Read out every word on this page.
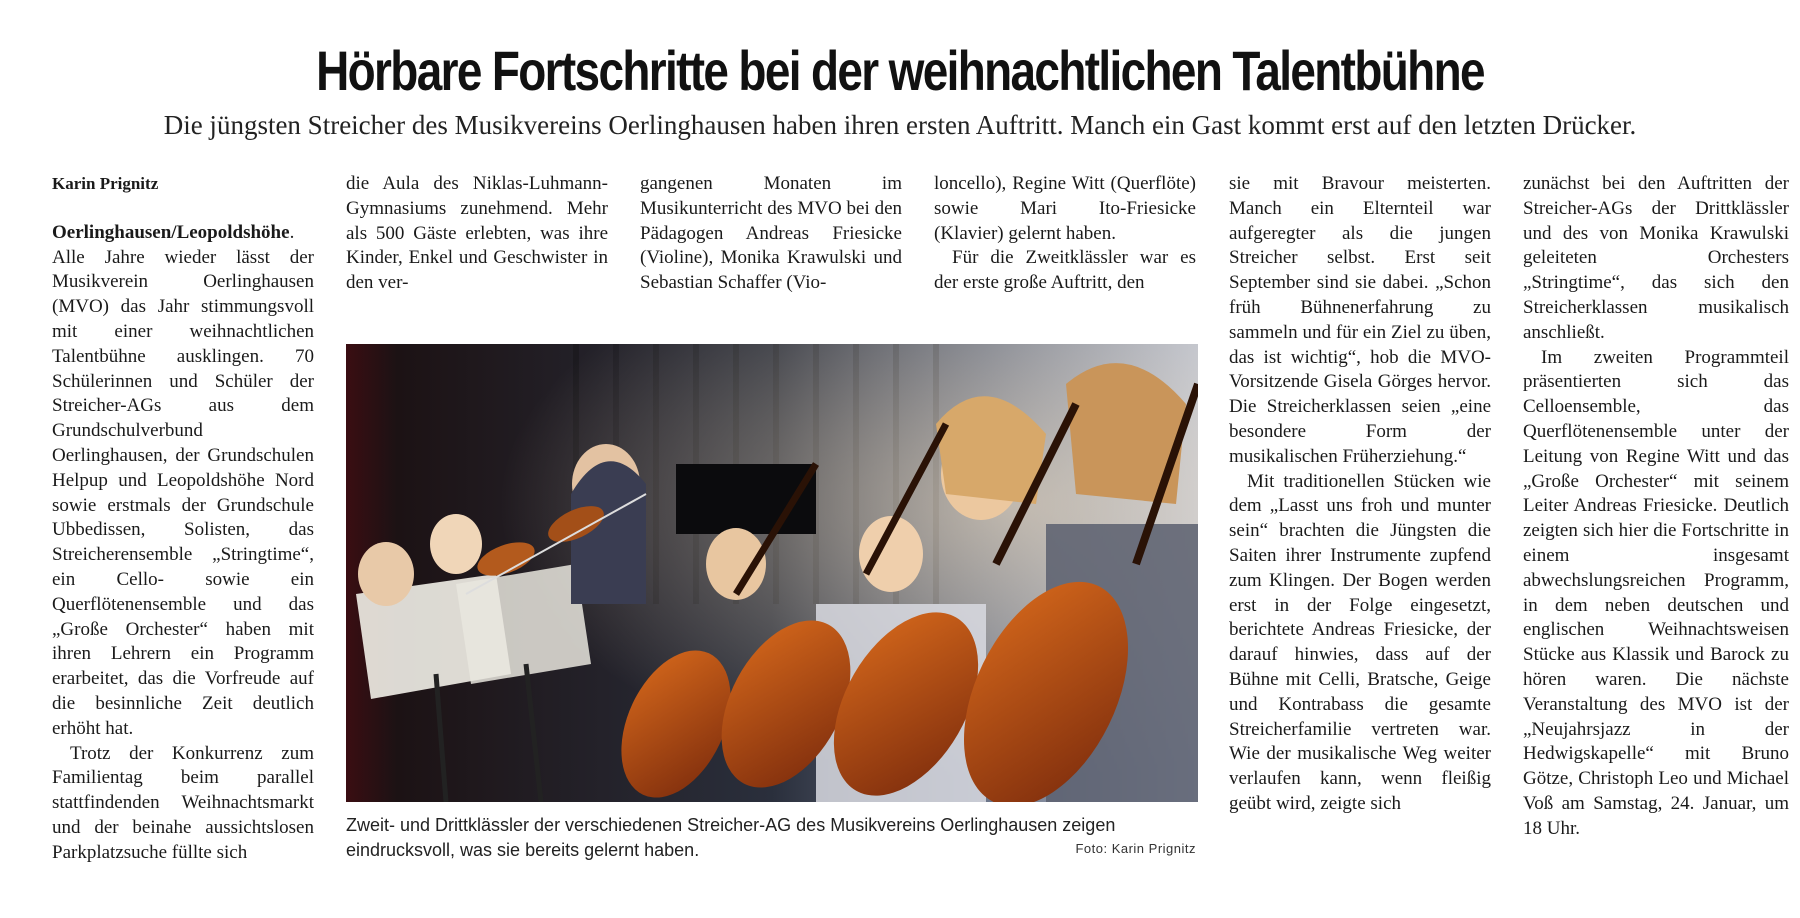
Hörbare Fortschritte bei der weihnachtlichen Talentbühne
Die jüngsten Streicher des Musikvereins Oerlinghausen haben ihren ersten Auftritt. Manch ein Gast kommt erst auf den letzten Drücker.

Karin Prignitz

Oerlinghausen/Leopoldshöhe. Alle Jahre wieder lässt der Musikverein Oerlinghausen (MVO) das Jahr stimmungsvoll mit einer weihnachtlichen Talentbühne ausklingen. 70 Schülerinnen und Schüler der Streicher-AGs aus dem Grundschulverbund Oerlinghausen, der Grundschulen Helpup und Leopoldshöhe Nord sowie erstmals der Grundschule Ubbedissen, Solisten, das Streicherensemble „Stringtime“, ein Cello- sowie ein Querflötenensemble und das „Große Orchester“ haben mit ihren Lehrern ein Programm erarbeitet, das die Vorfreude auf die besinnliche Zeit deutlich erhöht hat.

Trotz der Konkurrenz zum Familientag beim parallel stattfindenden Weihnachtsmarkt und der beinahe aussichtslosen Parkplatzsuche füllte sich

die Aula des Niklas-Luhmann-Gymnasiums zunehmend. Mehr als 500 Gäste erlebten, was ihre Kinder, Enkel und Geschwister in den ver-

gangenen Monaten im Musikunterricht des MVO bei den Pädagogen Andreas Friesicke (Violine), Monika Krawulski und Sebastian Schaffer (Vio-

loncello), Regine Witt (Querflöte) sowie Mari Ito-Friesicke (Klavier) gelernt haben.

Für die Zweitklässler war es der erste große Auftritt, den

sie mit Bravour meisterten. Manch ein Elternteil war aufgeregter als die jungen Streicher selbst. Erst seit September sind sie dabei. „Schon früh Bühnenerfahrung zu sammeln und für ein Ziel zu üben, das ist wichtig“, hob die MVO-Vorsitzende Gisela Görges hervor. Die Streicherklassen seien „eine besondere Form der musikalischen Früherziehung.“

Mit traditionellen Stücken wie dem „Lasst uns froh und munter sein“ brachten die Jüngsten die Saiten ihrer Instrumente zupfend zum Klingen. Der Bogen werden erst in der Folge eingesetzt, berichtete Andreas Friesicke, der darauf hinwies, dass auf der Bühne mit Celli, Bratsche, Geige und Kontrabass die gesamte Streicherfamilie vertreten war. Wie der musikalische Weg weiter verlaufen kann, wenn fleißig geübt wird, zeigte sich

zunächst bei den Auftritten der Streicher-AGs der Drittklässler und des von Monika Krawulski geleiteten Orchesters „Stringtime“, das sich den Streicherklassen musikalisch anschließt.

Im zweiten Programmteil präsentierten sich das Celloensemble, das Querflötenensemble unter der Leitung von Regine Witt und das „Große Orchester“ mit seinem Leiter Andreas Friesicke. Deutlich zeigten sich hier die Fortschritte in einem insgesamt abwechslungsreichen Programm, in dem neben deutschen und englischen Weihnachtsweisen Stücke aus Klassik und Barock zu hören waren. Die nächste Veranstaltung des MVO ist der „Neujahrsjazz in der Hedwigskapelle“ mit Bruno Götze, Christoph Leo und Michael Voß am Samstag, 24. Januar, um 18 Uhr.

Zweit- und Drittklässler der verschiedenen Streicher-AG des Musikvereins Oerlinghausen zeigen eindrucksvoll, was sie bereits gelernt haben.	Foto: Karin Prignitz
